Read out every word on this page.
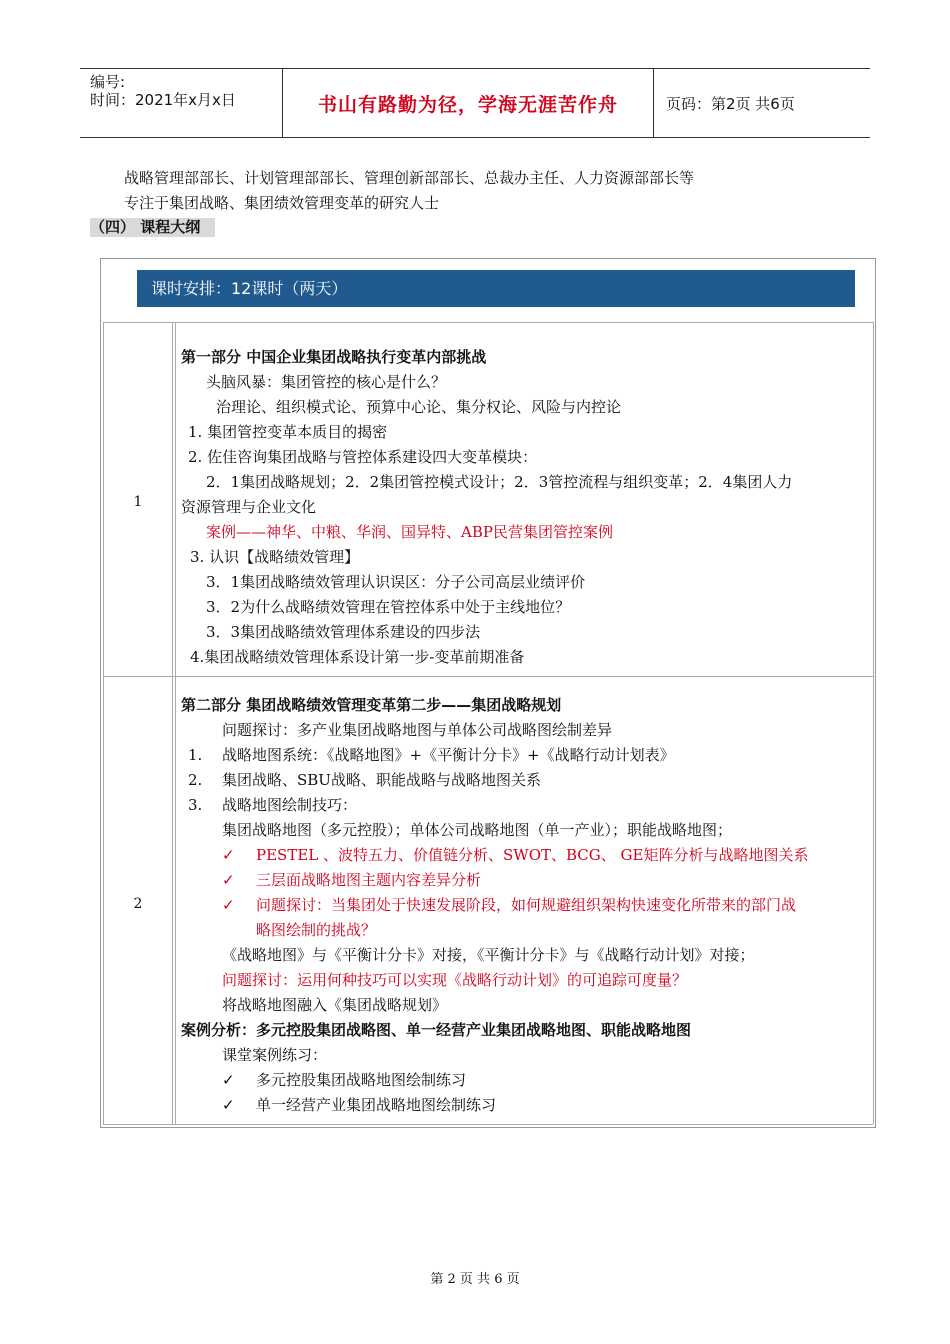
编号:
时间：2021年x月x日	书山有路勤为径，学海无涯苦作舟	页码：第2页 共6页
战略管理部部长、计划管理部部长、管理创新部部长、总裁办主任、人力资源部部长等
专注于集团战略、集团绩效管理变革的研究人士
（四） 课程大纲
课时安排：12课时（两天）
1
第一部分 中国企业集团战略执行变革内部挑战
头脑风暴：集团管控的核心是什么？
治理论、组织模式论、预算中心论、集分权论、风险与内控论
1. 集团管控变革本质目的揭密
2. 佐佳咨询集团战略与管控体系建设四大变革模块：
2．1集团战略规划；2．2集团管控模式设计；2．3管控流程与组织变革；2．4集团人力
资源管理与企业文化
案例——神华、中粮、华润、国异特、ABP民营集团管控案例
3. 认识【战略绩效管理】
3．1集团战略绩效管理认识误区：分子公司高层业绩评价
3．2为什么战略绩效管理在管控体系中处于主线地位？
3．3集团战略绩效管理体系建设的四步法
4.集团战略绩效管理体系设计第一步-变革前期准备
2
第二部分 集团战略绩效管理变革第二步——集团战略规划
问题探讨：多产业集团战略地图与单体公司战略图绘制差异
1. 战略地图系统：《战略地图》+《平衡计分卡》+《战略行动计划表》
2. 集团战略、SBU战略、职能战略与战略地图关系
3. 战略地图绘制技巧：
集团战略地图（多元控股）；单体公司战略地图（单一产业）；职能战略地图；
✓ PESTEL 、波特五力、价值链分析、SWOT、BCG、 GE矩阵分析与战略地图关系
✓ 三层面战略地图主题内容差异分析
✓ 问题探讨：当集团处于快速发展阶段，如何规避组织架构快速变化所带来的部门战
略图绘制的挑战？
《战略地图》与《平衡计分卡》对接，《平衡计分卡》与《战略行动计划》对接；
问题探讨：运用何种技巧可以实现《战略行动计划》的可追踪可度量？
将战略地图融入《集团战略规划》
案例分析：多元控股集团战略图、单一经营产业集团战略地图、职能战略地图
课堂案例练习：
✓ 多元控股集团战略地图绘制练习
✓ 单一经营产业集团战略地图绘制练习
第 2 页 共 6 页
